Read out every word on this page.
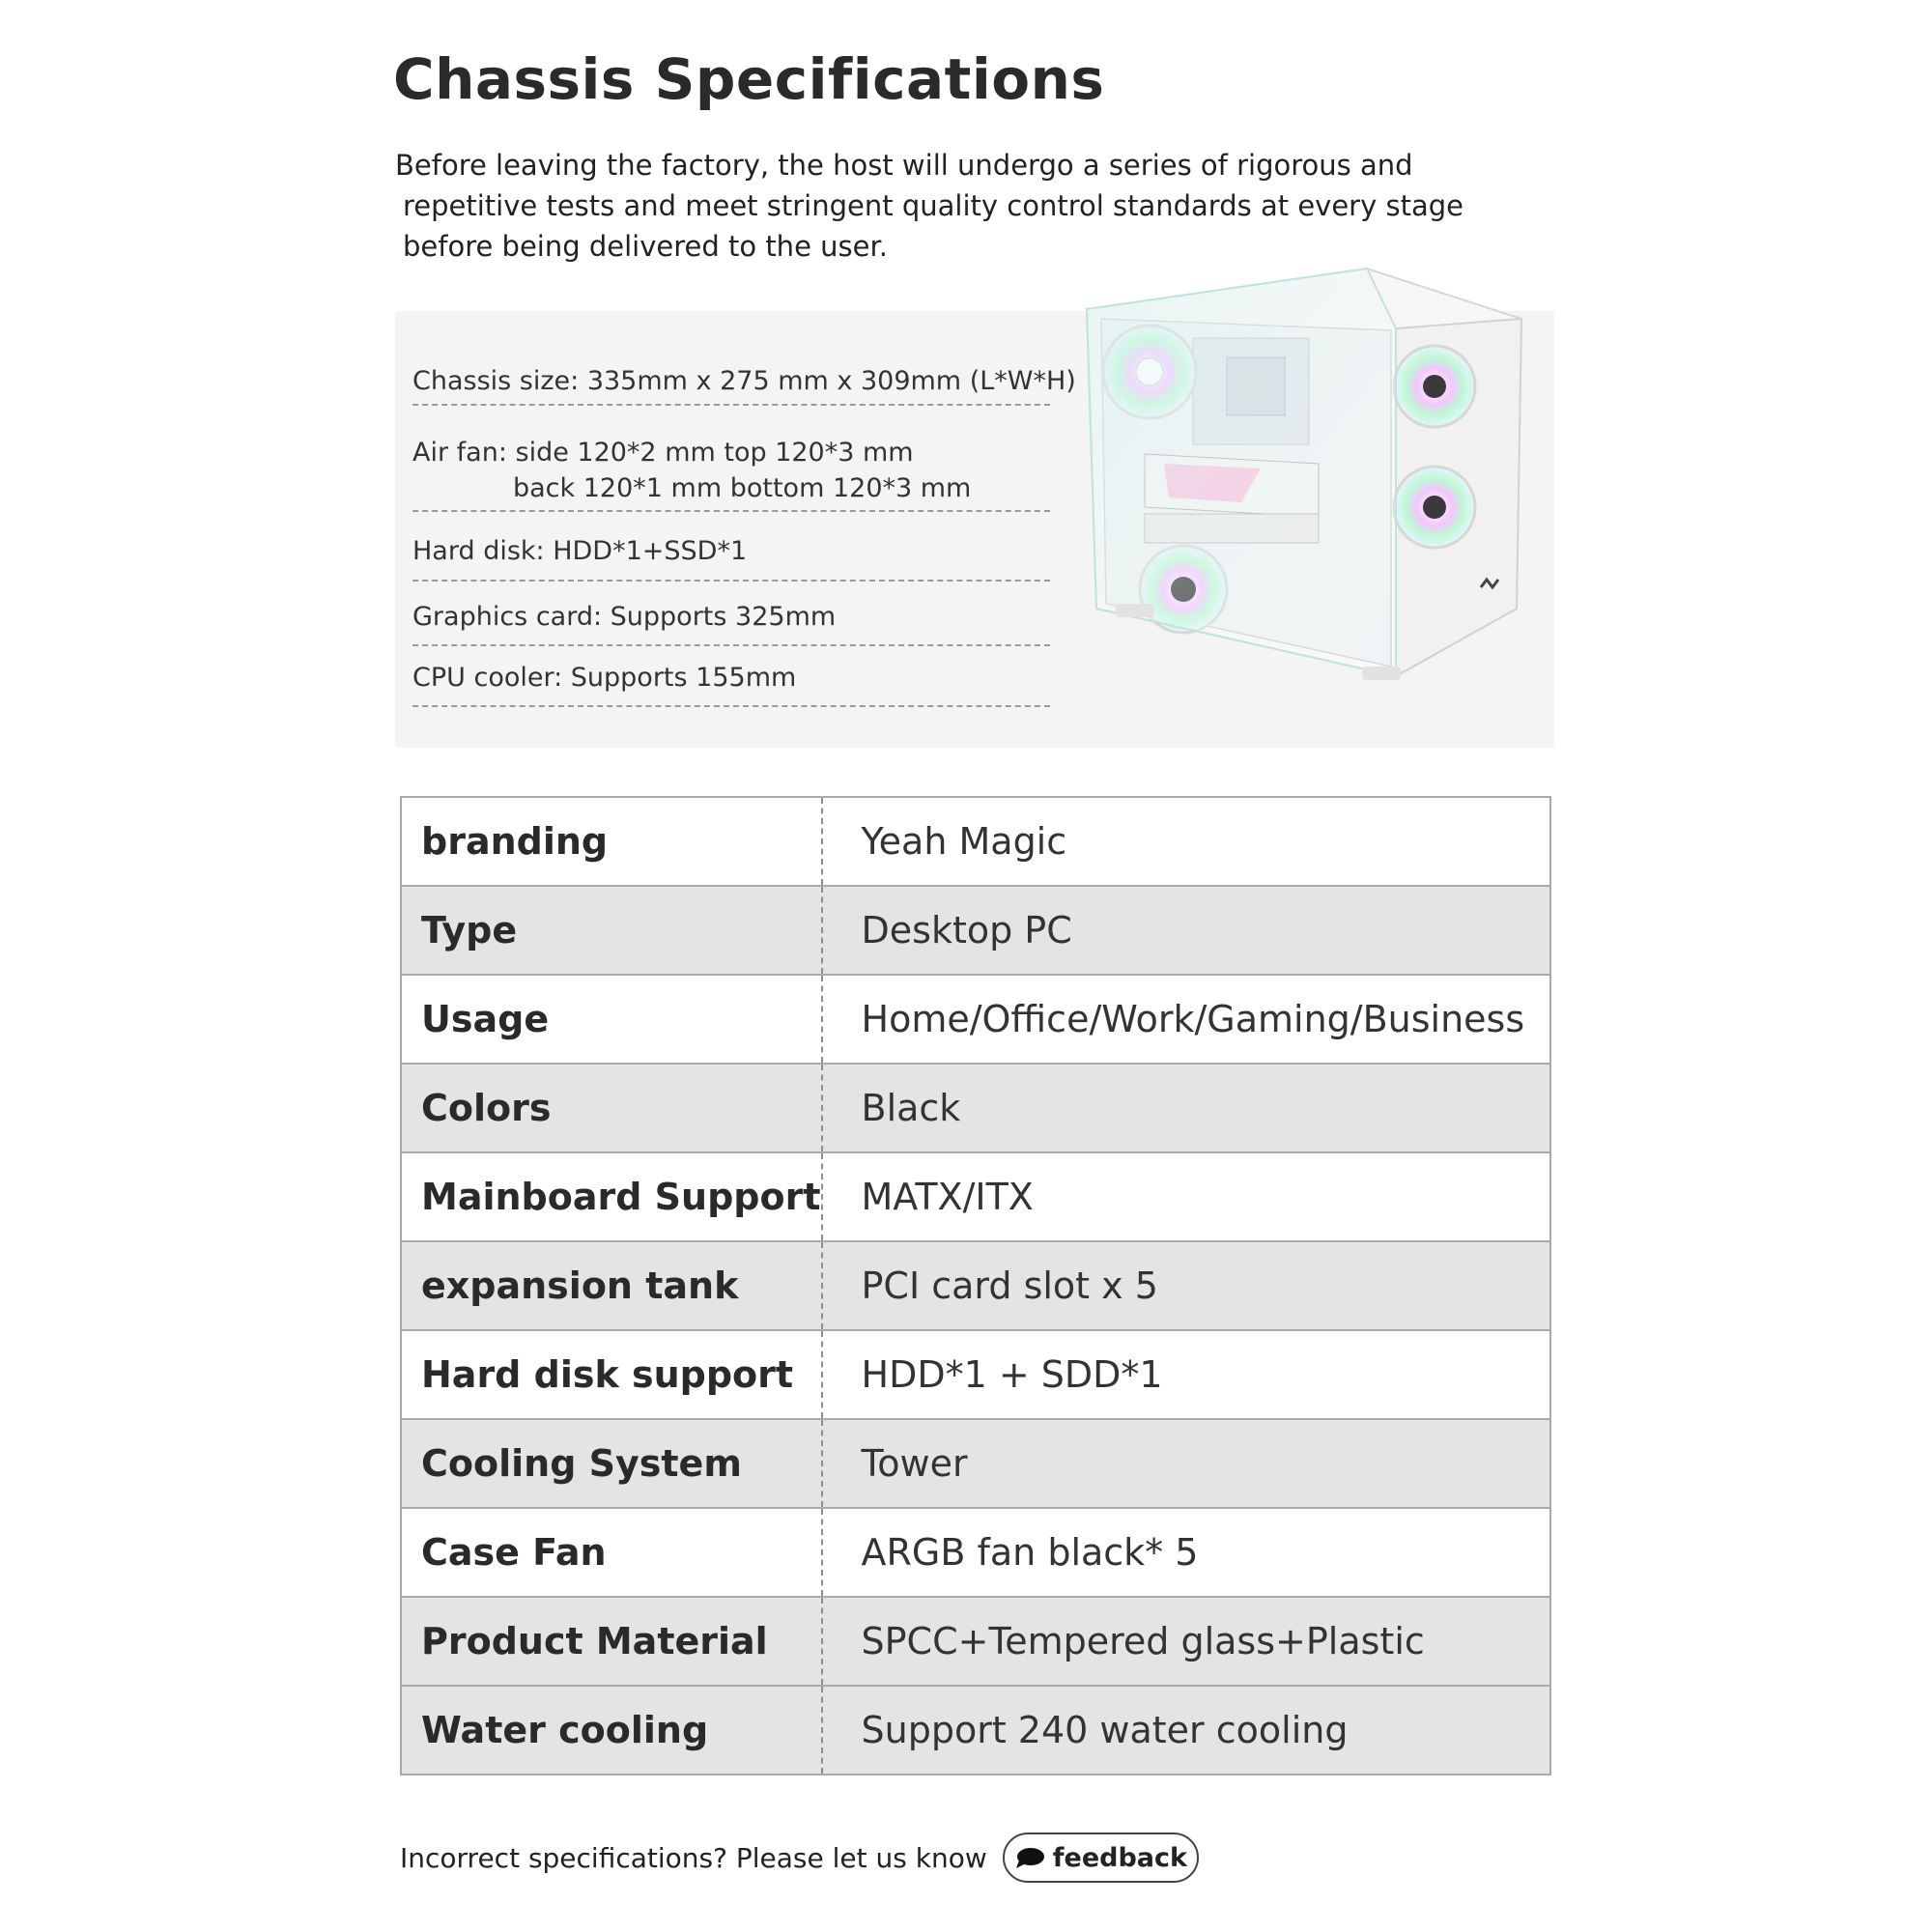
Chassis Specifications
Before leaving the factory, the host will undergo a series of rigorous and
repetitive tests and meet stringent quality control standards at every stage
before being delivered to the user.
Chassis size: 335mm x 275 mm x 309mm (L*W*H)
Air fan: side 120*2 mm top 120*3 mm
back 120*1 mm bottom 120*3 mm
Hard disk: HDD*1+SSD*1
Graphics card: Supports 325mm
CPU cooler: Supports 155mm
branding	Yeah Magic
Type	Desktop PC
Usage	Home/Office/Work/Gaming/Business
Colors	Black
Mainboard Support	MATX/ITX
expansion tank	PCI card slot x 5
Hard disk support	HDD*1 + SDD*1
Cooling System	Tower
Case Fan	ARGB fan black* 5
Product Material	SPCC+Tempered glass+Plastic
Water cooling	Support 240 water cooling
Incorrect specifications? Please let us know	feedback
